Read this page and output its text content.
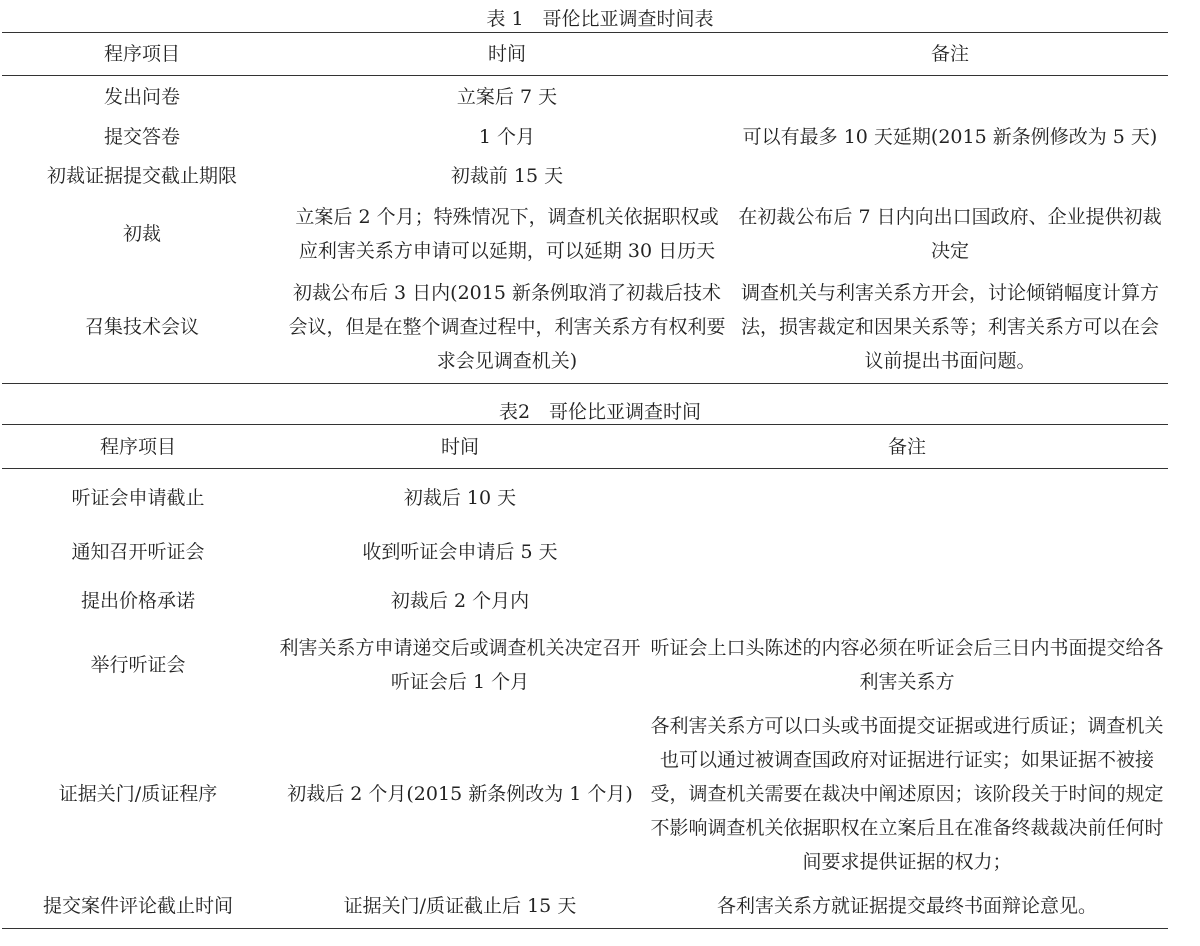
表 1　哥伦比亚调查时间表
程序项目	时间	备注
发出问卷	立案后 7 天	
提交答卷	1 个月	可以有最多 10 天延期(2015 新条例修改为 5 天)
初裁证据提交截止期限	初裁前 15 天	
初裁	立案后 2 个月；特殊情况下，调查机关依据职权或应利害关系方申请可以延期，可以延期 30 日历天	在初裁公布后 7 日内向出口国政府、企业提供初裁决定
召集技术会议	初裁公布后 3 日内(2015 新条例取消了初裁后技术会议，但是在整个调查过程中，利害关系方有权利要求会见调查机关)	调查机关与利害关系方开会，讨论倾销幅度计算方法，损害裁定和因果关系等；利害关系方可以在会议前提出书面问题。
表2　哥伦比亚调查时间
程序项目	时间	备注
听证会申请截止	初裁后 10 天	
通知召开听证会	收到听证会申请后 5 天	
提出价格承诺	初裁后 2 个月内	
举行听证会	利害关系方申请递交后或调查机关决定召开听证会后 1 个月	听证会上口头陈述的内容必须在听证会后三日内书面提交给各利害关系方
证据关门/质证程序	初裁后 2 个月(2015 新条例改为 1 个月)	各利害关系方可以口头或书面提交证据或进行质证；调查机关也可以通过被调查国政府对证据进行证实；如果证据不被接受，调查机关需要在裁决中阐述原因；该阶段关于时间的规定不影响调查机关依据职权在立案后且在准备终裁裁决前任何时间要求提供证据的权力；
提交案件评论截止时间	证据关门/质证截止后 15 天	各利害关系方就证据提交最终书面辩论意见。
